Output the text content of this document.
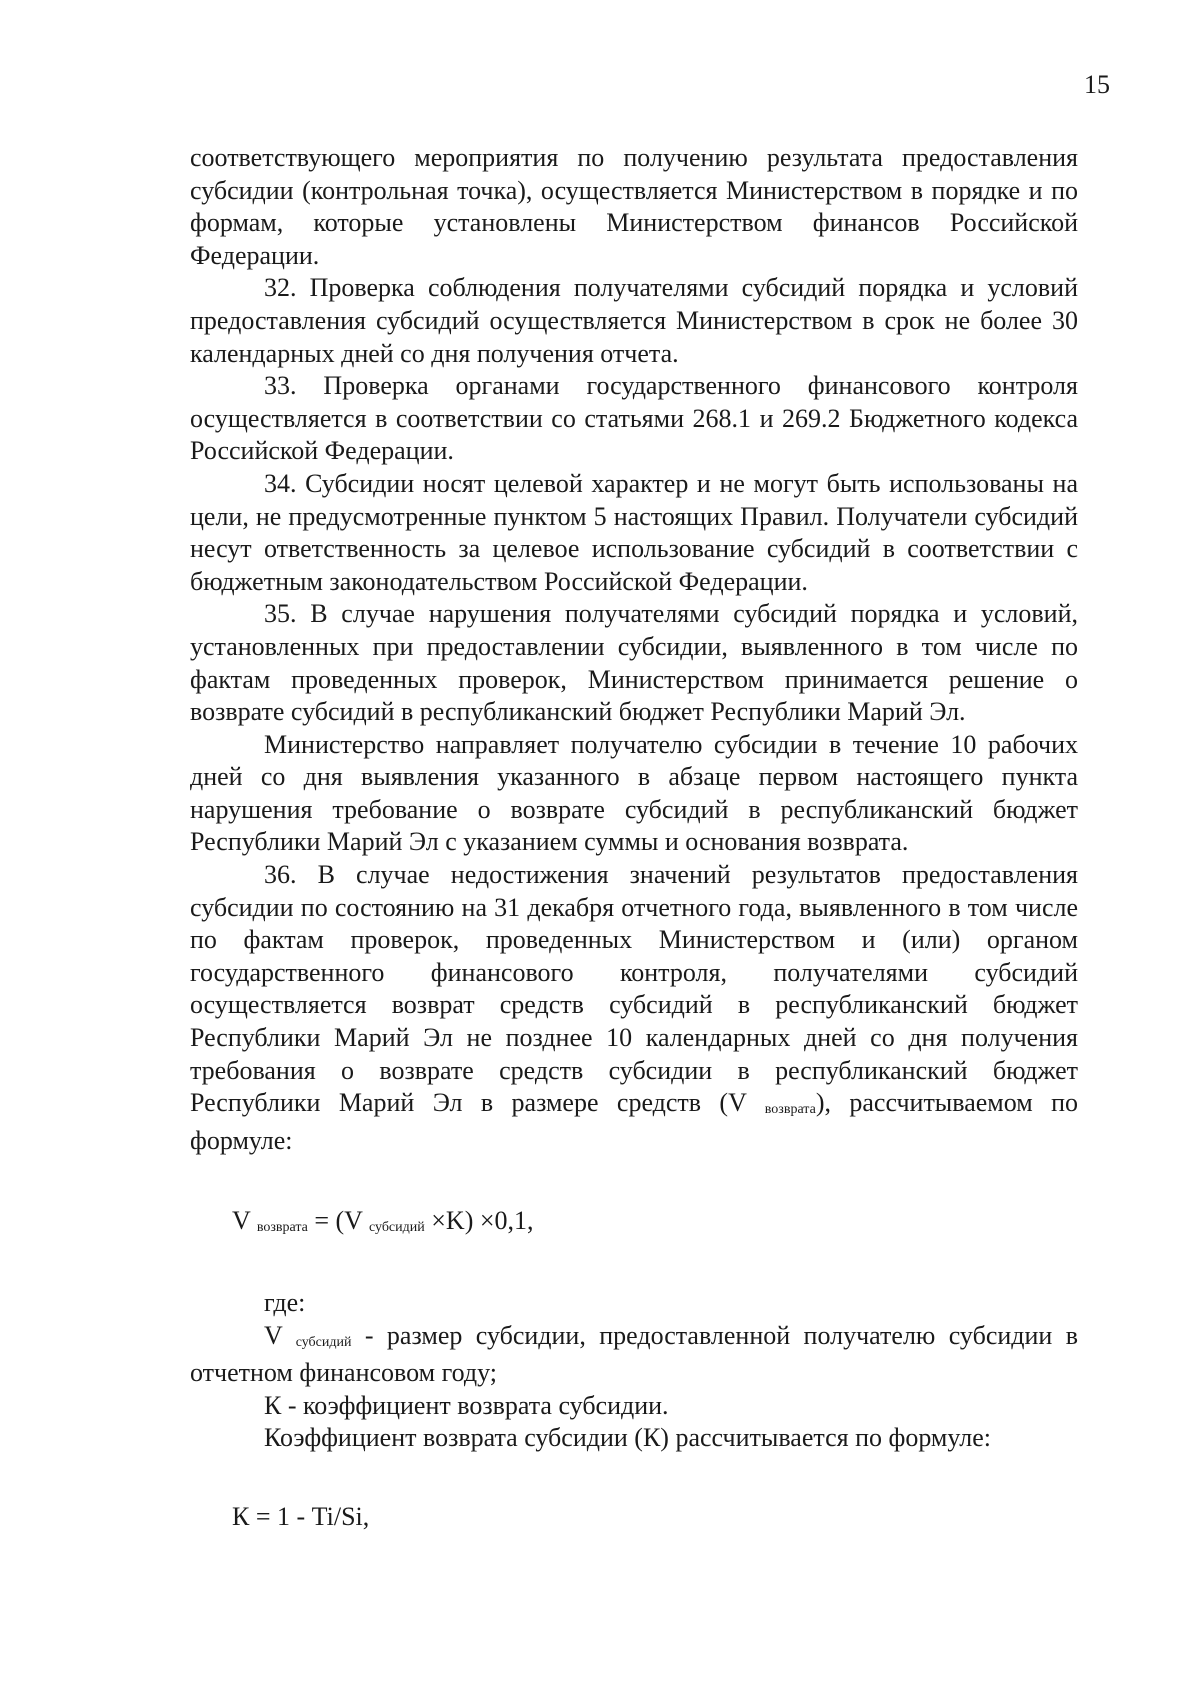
15

соответствующего мероприятия по получению результата предоставления субсидии (контрольная точка), осуществляется Министерством в порядке и по формам, которые установлены Министерством финансов Российской Федерации.

32. Проверка соблюдения получателями субсидий порядка и условий предоставления субсидий осуществляется Министерством в срок не более 30 календарных дней со дня получения отчета.

33. Проверка органами государственного финансового контроля осуществляется в соответствии со статьями 268.1 и 269.2 Бюджетного кодекса Российской Федерации.

34. Субсидии носят целевой характер и не могут быть использованы на цели, не предусмотренные пунктом 5 настоящих Правил. Получатели субсидий несут ответственность за целевое использование субсидий в соответствии с бюджетным законодательством Российской Федерации.

35. В случае нарушения получателями субсидий порядка и условий, установленных при предоставлении субсидии, выявленного в том числе по фактам проведенных проверок, Министерством принимается решение о возврате субсидий в республиканский бюджет Республики Марий Эл.

Министерство направляет получателю субсидии в течение 10 рабочих дней со дня выявления указанного в абзаце первом настоящего пункта нарушения требование о возврате субсидий в республиканский бюджет Республики Марий Эл с указанием суммы и основания возврата.

36. В случае недостижения значений результатов предоставления субсидии по состоянию на 31 декабря отчетного года, выявленного в том числе по фактам проверок, проведенных Министерством и (или) органом государственного финансового контроля, получателями субсидий осуществляется возврат средств субсидий в республиканский бюджет Республики Марий Эл не позднее 10 календарных дней со дня получения требования о возврате средств субсидии в республиканский бюджет Республики Марий Эл в размере средств (V возврата), рассчитываемом по формуле:

V возврата = (V субсидий ×K) ×0,1,

где:

V субсидий - размер субсидии, предоставленной получателю субсидии в отчетном финансовом году;

К - коэффициент возврата субсидии.

Коэффициент возврата субсидии (К) рассчитывается по формуле:

К = 1 - Ti/Si,
